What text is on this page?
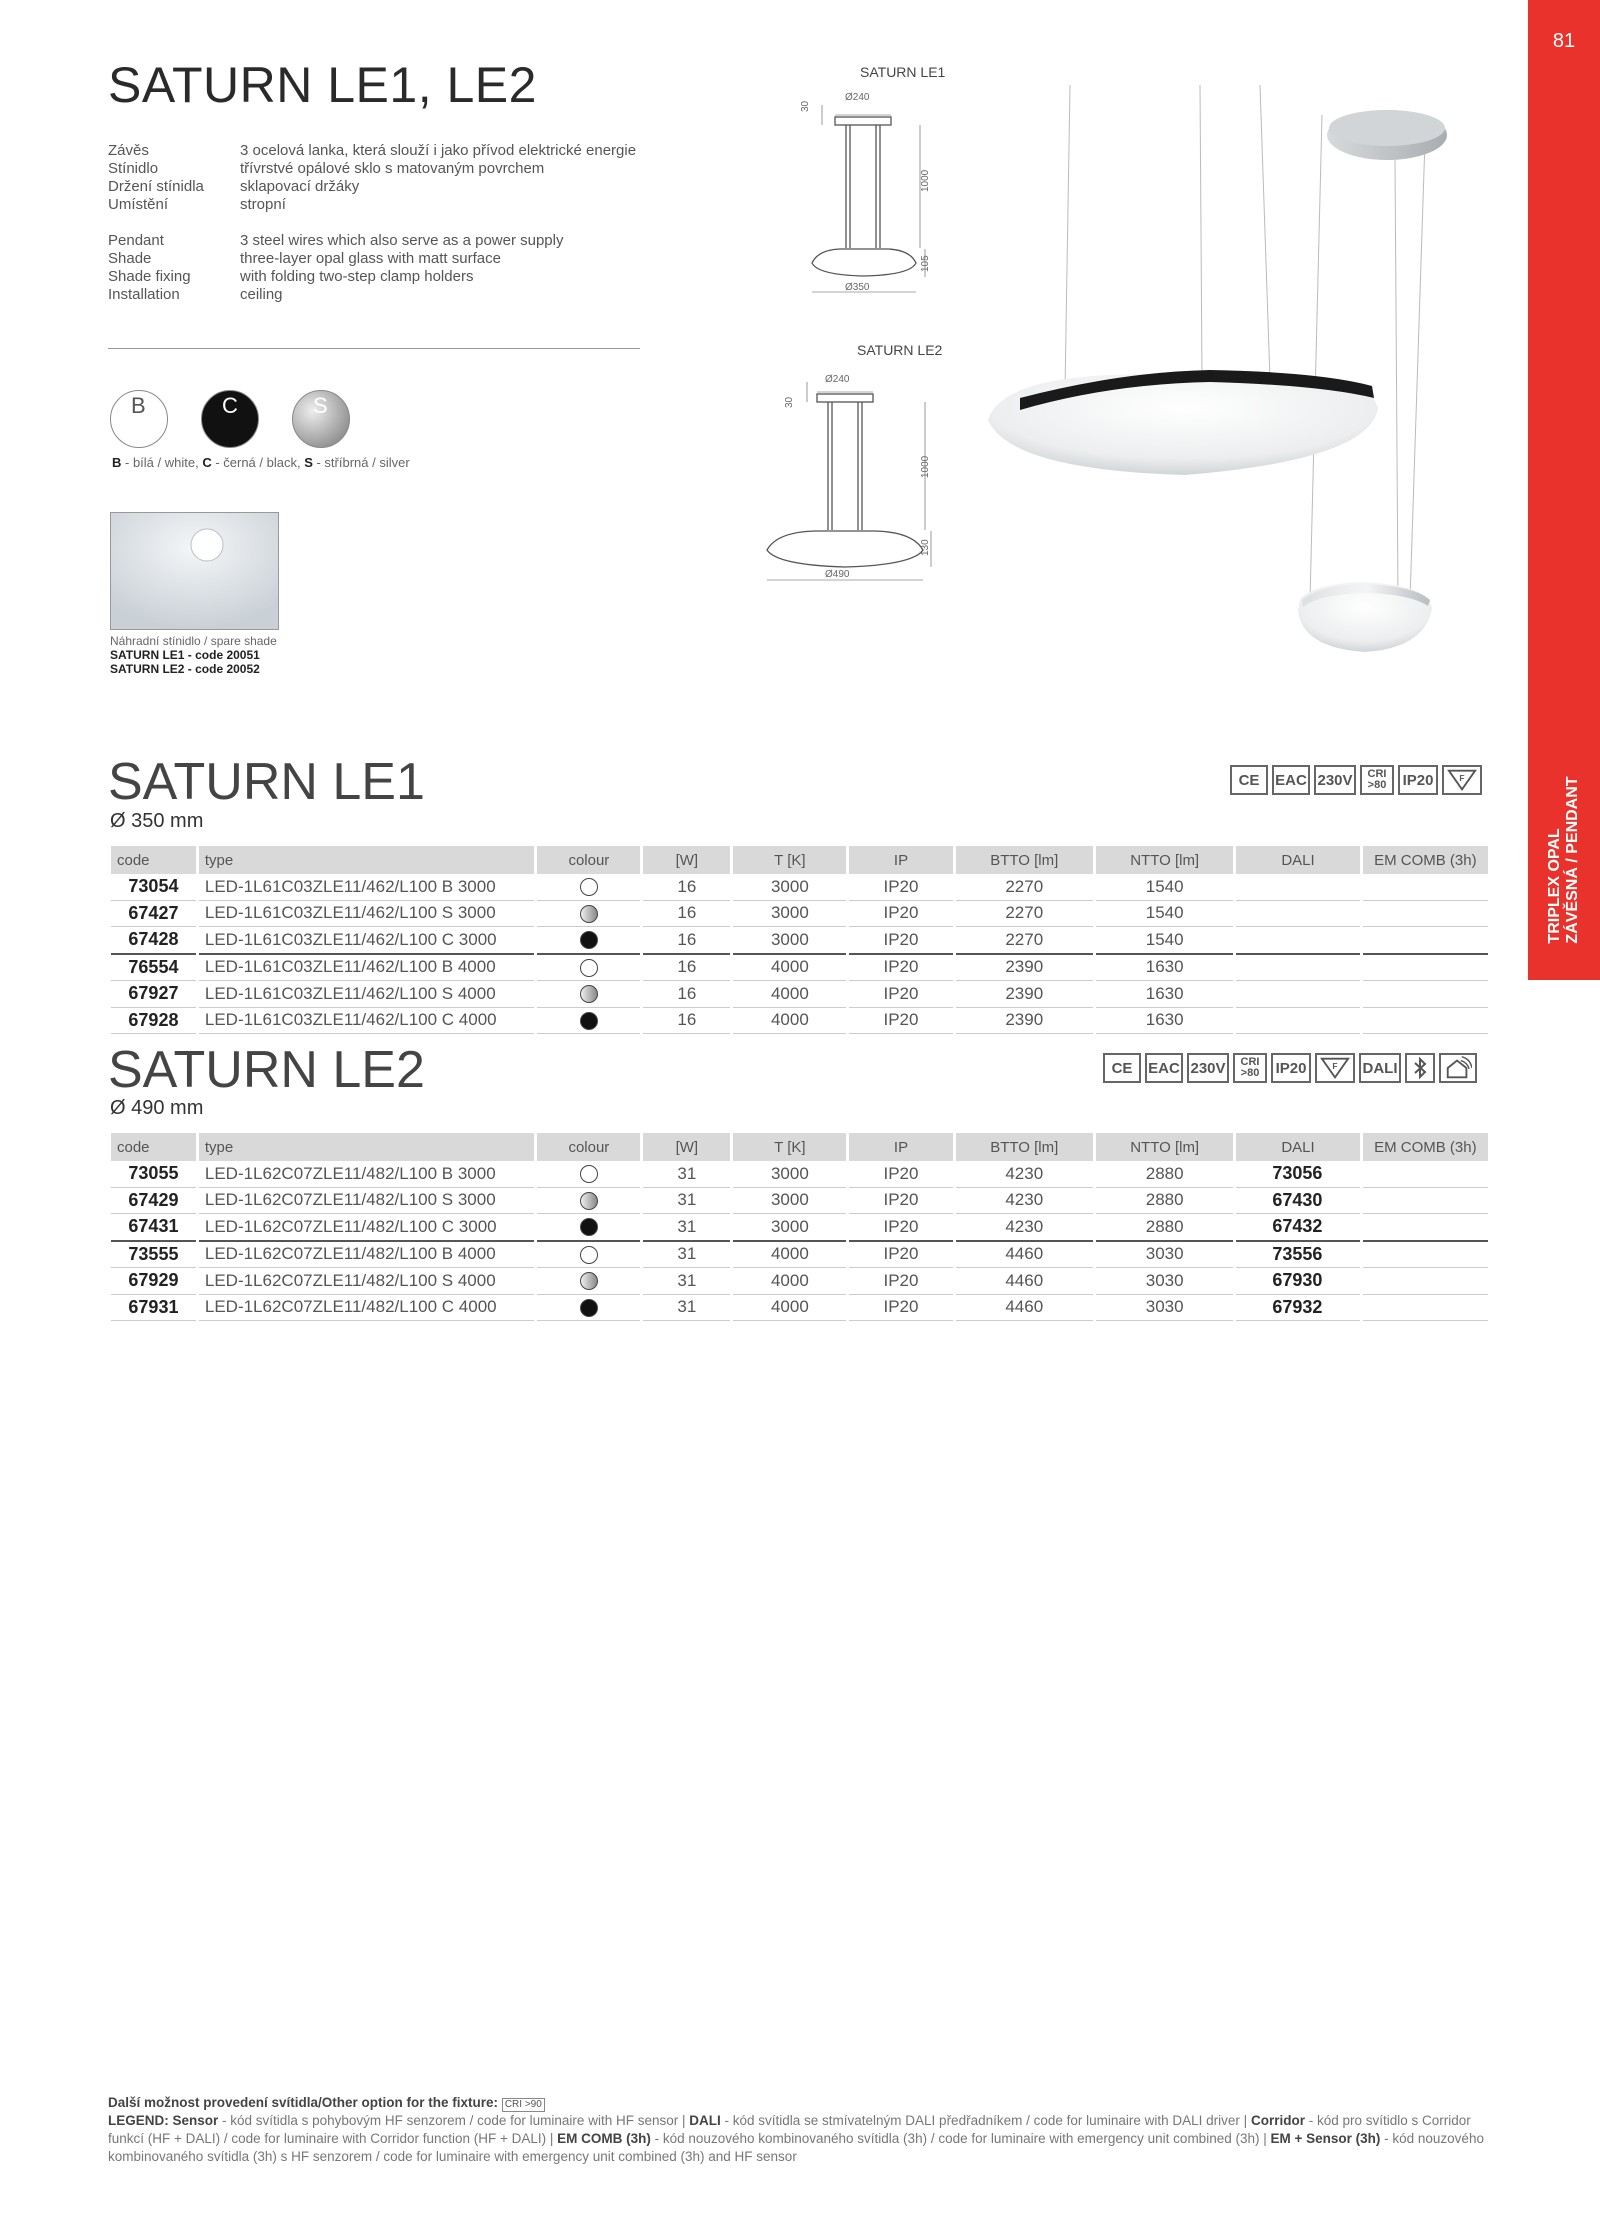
81
TRIPLEX OPAL ZÁVĚSNÁ / PENDANT
SATURN LE1, LE2
Závěs	3 ocelová lanka, která slouží i jako přívod elektrické energie
Stínidlo	třívrstvé opálové sklo s matovaným povrchem
Držení stínidla sklapovací držáky
Umístění	stropní
Pendant	3 steel wires which also serve as a power supply
Shade	three-layer opal glass with matt surface
Shade fixing	with folding two-step clamp holders
Installation	ceiling
B	C	S
B - bílá / white, C - černá / black, S - stříbrná / silver
Náhradní stínidlo / spare shade
SATURN LE1 - code 20051
SATURN LE2 - code 20052
SATURN LE1
Ø240
30
1000
105
Ø350
SATURN LE2
Ø240
30
1000
130
Ø490
SATURN LE1
Ø 350 mm
CE	EAC 230V	CRI >80	IP20	F
code	type	colour	[W]	T [K]	IP	BTTO [lm]	NTTO [lm]	DALI	EM COMB (3h)
73054	LED-1L61C03ZLE11/462/L100 B 3000		16	3000	IP20	2270	1540		
67427	LED-1L61C03ZLE11/462/L100 S 3000		16	3000	IP20	2270	1540		
67428	LED-1L61C03ZLE11/462/L100 C 3000		16	3000	IP20	2270	1540		
76554	LED-1L61C03ZLE11/462/L100 B 4000		16	4000	IP20	2390	1630		
67927	LED-1L61C03ZLE11/462/L100 S 4000		16	4000	IP20	2390	1630		
67928	LED-1L61C03ZLE11/462/L100 C 4000		16	4000	IP20	2390	1630		
SATURN LE2
Ø 490 mm
CE	EAC 230V	CRI >80	IP20	F DALI
code	type	colour	[W]	T [K]	IP	BTTO [lm]	NTTO [lm]	DALI	EM COMB (3h)
73055	LED-1L62C07ZLE11/482/L100 B 3000		31	3000	IP20	4230	2880	73056	
67429	LED-1L62C07ZLE11/482/L100 S 3000		31	3000	IP20	4230	2880	67430	
67431	LED-1L62C07ZLE11/482/L100 C 3000		31	3000	IP20	4230	2880	67432	
73555	LED-1L62C07ZLE11/482/L100 B 4000		31	4000	IP20	4460	3030	73556	
67929	LED-1L62C07ZLE11/482/L100 S 4000		31	4000	IP20	4460	3030	67930	
67931	LED-1L62C07ZLE11/482/L100 C 4000		31	4000	IP20	4460	3030	67932	
Další možnost provedení svítidla/Other option for the fixture: CRI >90
LEGEND: Sensor - kód svítidla s pohybovým HF senzorem / code for luminaire with HF sensor | DALI - kód svítidla se stmívatelným DALI předřadníkem / code for luminaire with DALI driver | Corridor - kód pro svítidlo s Corridor funkcí (HF + DALI) / code for luminaire with Corridor function (HF + DALI) | EM COMB (3h) - kód nouzového kombinovaného svítidla (3h) / code for luminaire with emergency unit combined (3h) | EM + Sensor (3h) - kód nouzového kombinovaného svítidla (3h) s HF senzorem / code for luminaire with emergency unit combined (3h) and HF sensor
